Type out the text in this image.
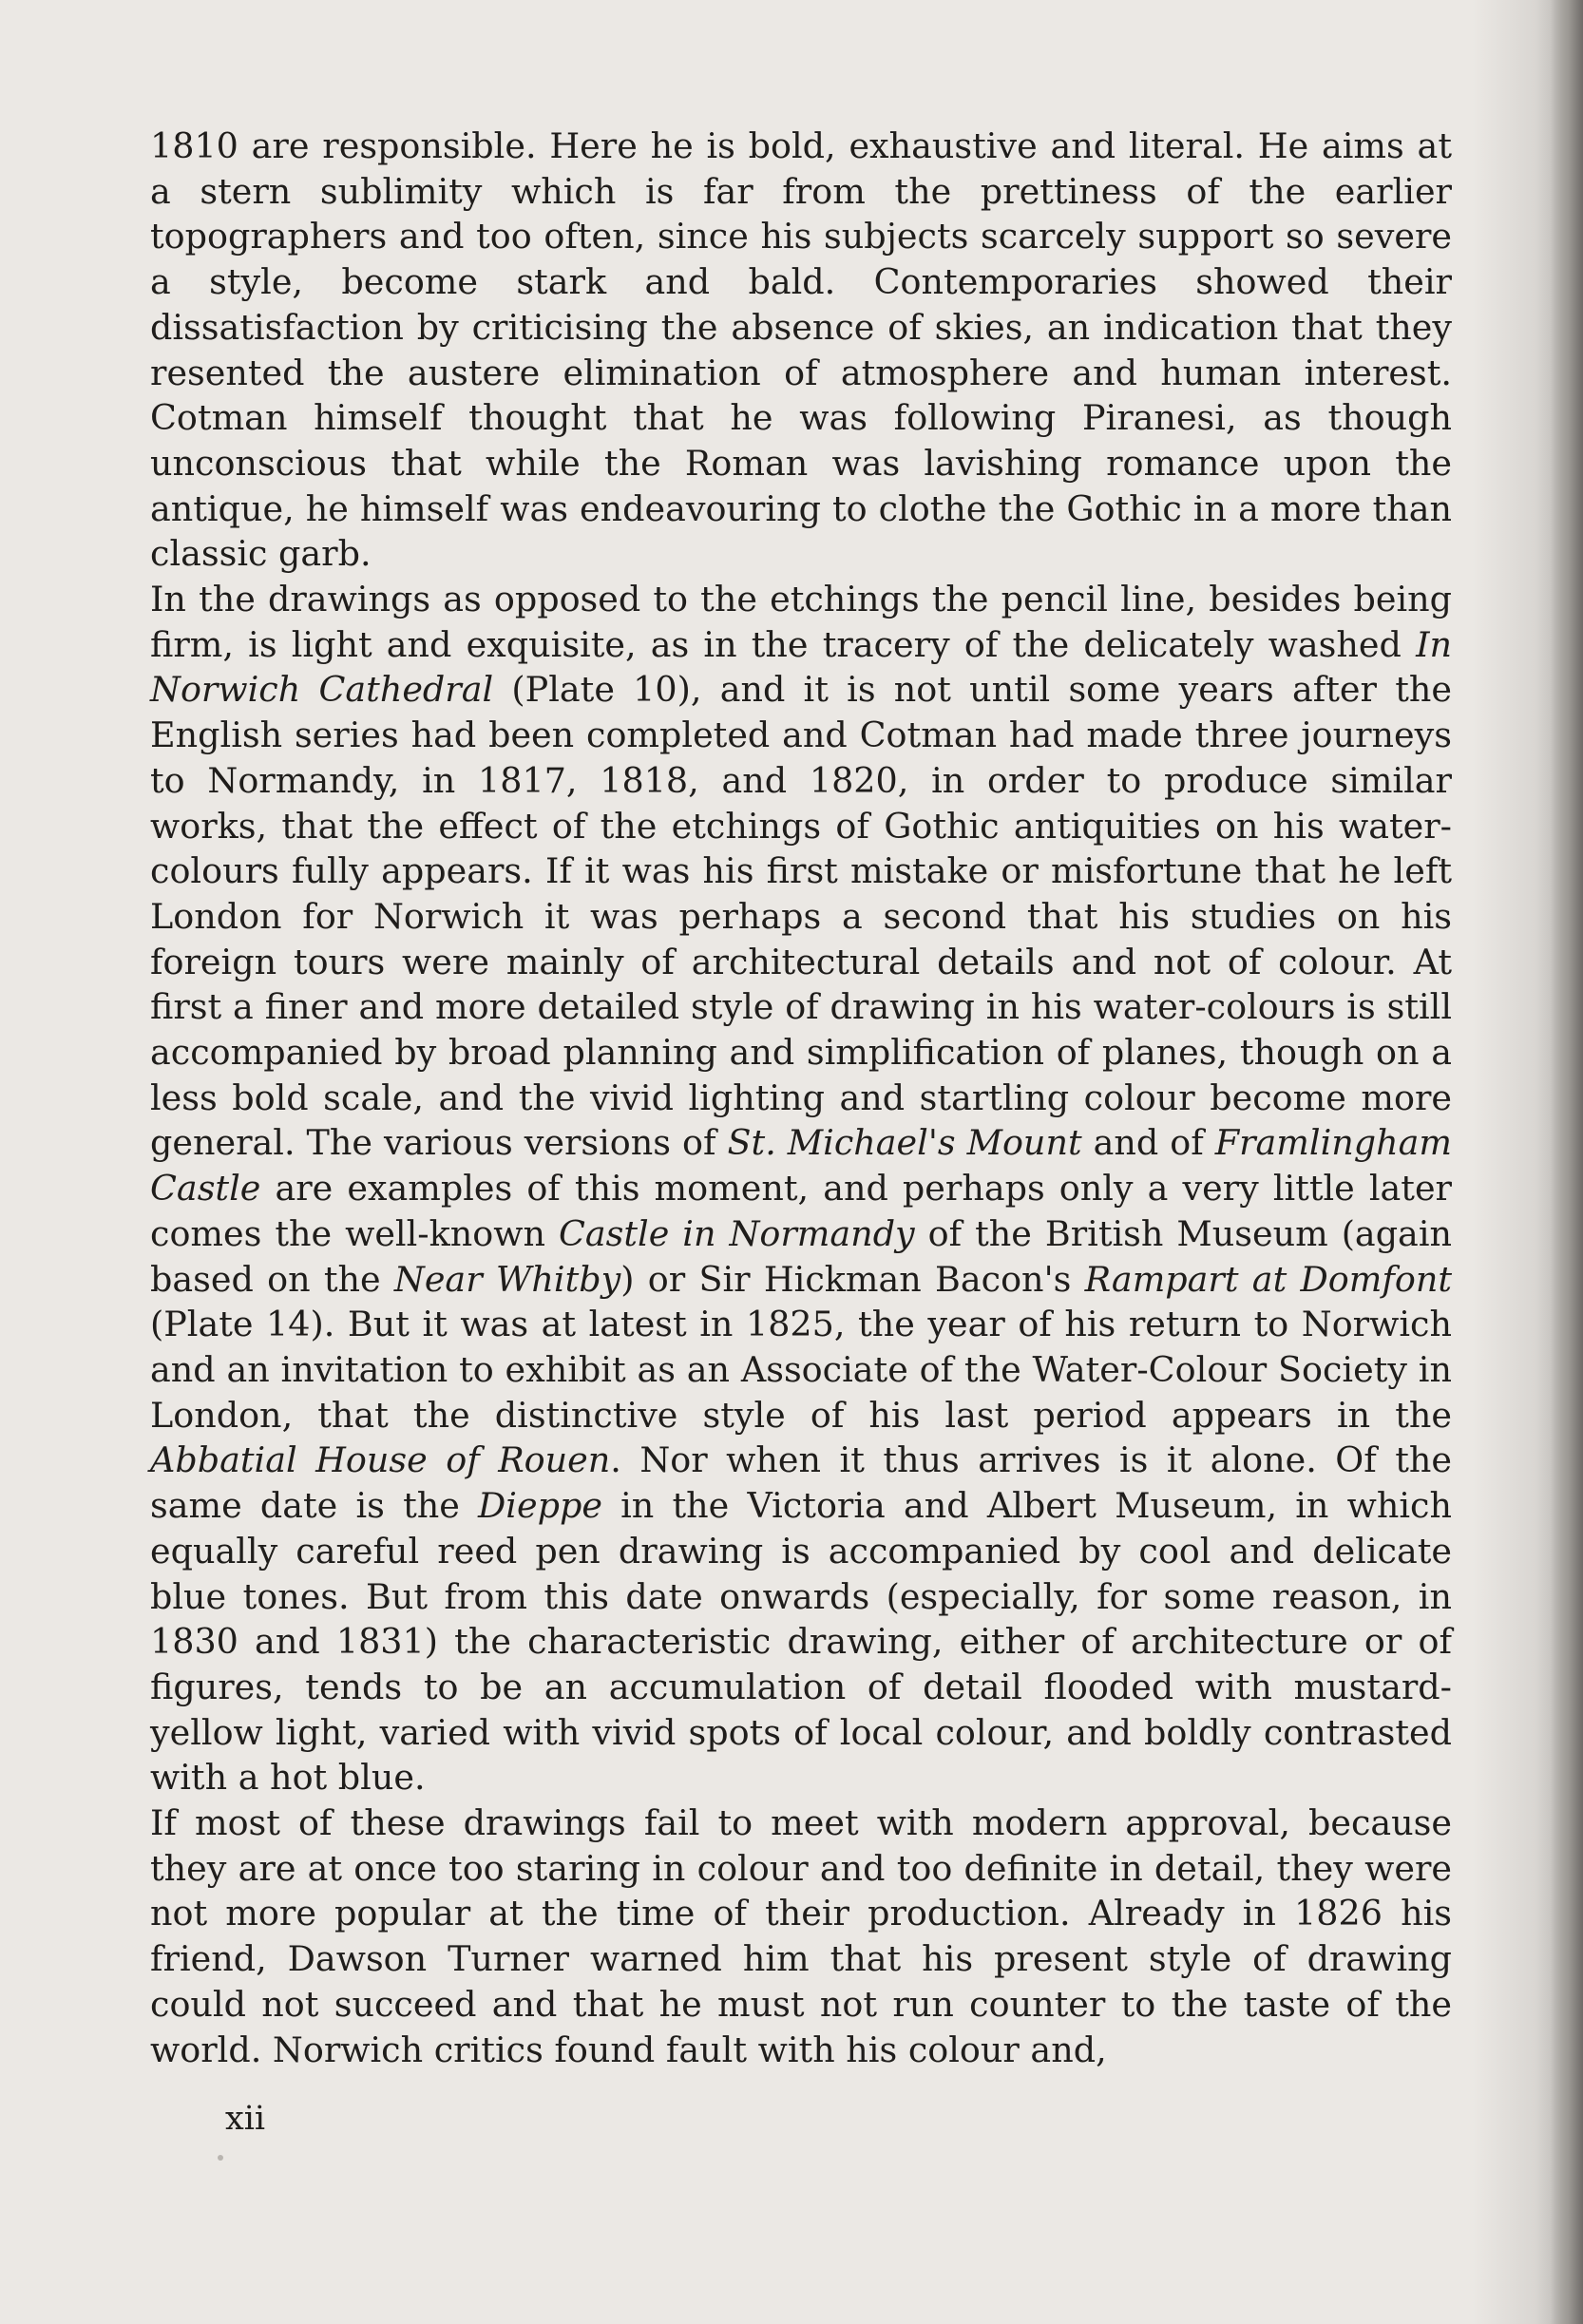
1810 are responsible. Here he is bold, exhaustive and literal. He aims at a stern sublimity which is far from the prettiness of the earlier topographers and too often, since his subjects scarcely support so severe a style, become stark and bald. Contemporaries showed their dissatisfaction by criticising the absence of skies, an indication that they resented the austere elimination of atmosphere and human interest. Cotman himself thought that he was following Piranesi, as though unconscious that while the Roman was lavishing romance upon the antique, he himself was endeavouring to clothe the Gothic in a more than classic garb.

In the drawings as opposed to the etchings the pencil line, besides being firm, is light and exquisite, as in the tracery of the delicately washed In Norwich Cathedral (Plate 10), and it is not until some years after the English series had been completed and Cotman had made three journeys to Normandy, in 1817, 1818, and 1820, in order to produce similar works, that the effect of the etchings of Gothic antiquities on his water-colours fully appears. If it was his first mistake or misfortune that he left London for Norwich it was perhaps a second that his studies on his foreign tours were mainly of architectural details and not of colour. At first a finer and more detailed style of drawing in his water-colours is still accompanied by broad planning and simplification of planes, though on a less bold scale, and the vivid lighting and startling colour become more general. The various versions of St. Michael's Mount and of Framlingham Castle are examples of this moment, and perhaps only a very little later comes the well-known Castle in Normandy of the British Museum (again based on the Near Whitby) or Sir Hickman Bacon's Rampart at Domfont (Plate 14). But it was at latest in 1825, the year of his return to Norwich and an invitation to exhibit as an Associate of the Water-Colour Society in London, that the distinctive style of his last period appears in the Abbatial House of Rouen. Nor when it thus arrives is it alone. Of the same date is the Dieppe in the Victoria and Albert Museum, in which equally careful reed pen drawing is accompanied by cool and delicate blue tones. But from this date onwards (especially, for some reason, in 1830 and 1831) the characteristic drawing, either of architecture or of figures, tends to be an accumulation of detail flooded with mustard-yellow light, varied with vivid spots of local colour, and boldly contrasted with a hot blue.

If most of these drawings fail to meet with modern approval, because they are at once too staring in colour and too definite in detail, they were not more popular at the time of their production. Already in 1826 his friend, Dawson Turner warned him that his present style of drawing could not succeed and that he must not run counter to the taste of the world. Norwich critics found fault with his colour and,

xii
